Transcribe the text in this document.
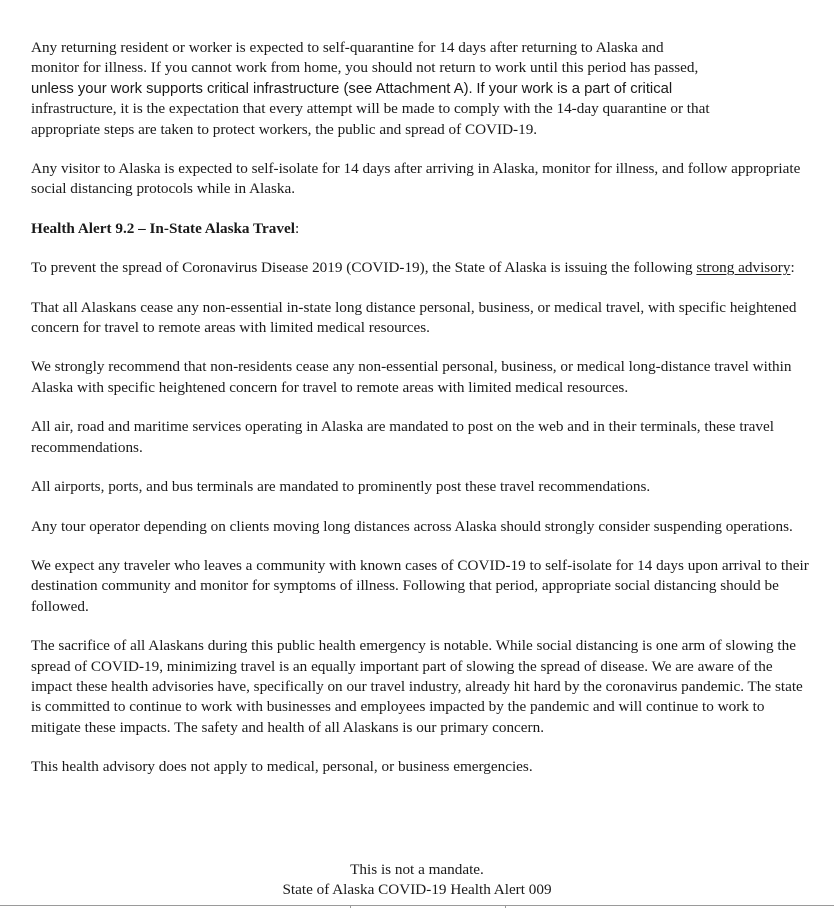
Any returning resident or worker is expected to self-quarantine for 14 days after returning to Alaska and
monitor for illness. If you cannot work from home, you should not return to work until this period has passed,
unless your work supports critical infrastructure (see Attachment A). If your work is a part of critical
infrastructure, it is the expectation that every attempt will be made to comply with the 14-day quarantine or that
appropriate steps are taken to protect workers, the public and spread of COVID-19.

Any visitor to Alaska is expected to self-isolate for 14 days after arriving in Alaska, monitor for illness, and follow appropriate social distancing protocols while in Alaska.

Health Alert 9.2 – In-State Alaska Travel:

To prevent the spread of Coronavirus Disease 2019 (COVID-19), the State of Alaska is issuing the following strong advisory:

That all Alaskans cease any non-essential in-state long distance personal, business, or medical travel, with specific heightened concern for travel to remote areas with limited medical resources.

We strongly recommend that non-residents cease any non-essential personal, business, or medical long-distance travel within Alaska with specific heightened concern for travel to remote areas with limited medical resources.

All air, road and maritime services operating in Alaska are mandated to post on the web and in their terminals, these travel recommendations.

All airports, ports, and bus terminals are mandated to prominently post these travel recommendations.

Any tour operator depending on clients moving long distances across Alaska should strongly consider suspending operations.

We expect any traveler who leaves a community with known cases of COVID-19 to self-isolate for 14 days upon arrival to their destination community and monitor for symptoms of illness. Following that period, appropriate social distancing should be followed.

The sacrifice of all Alaskans during this public health emergency is notable. While social distancing is one arm of slowing the spread of COVID-19, minimizing travel is an equally important part of slowing the spread of disease. We are aware of the impact these health advisories have, specifically on our travel industry, already hit hard by the coronavirus pandemic. The state is committed to continue to work with businesses and employees impacted by the pandemic and will continue to work to mitigate these impacts. The safety and health of all Alaskans is our primary concern.

This health advisory does not apply to medical, personal, or business emergencies.

This is not a mandate.
State of Alaska COVID-19 Health Alert 009
